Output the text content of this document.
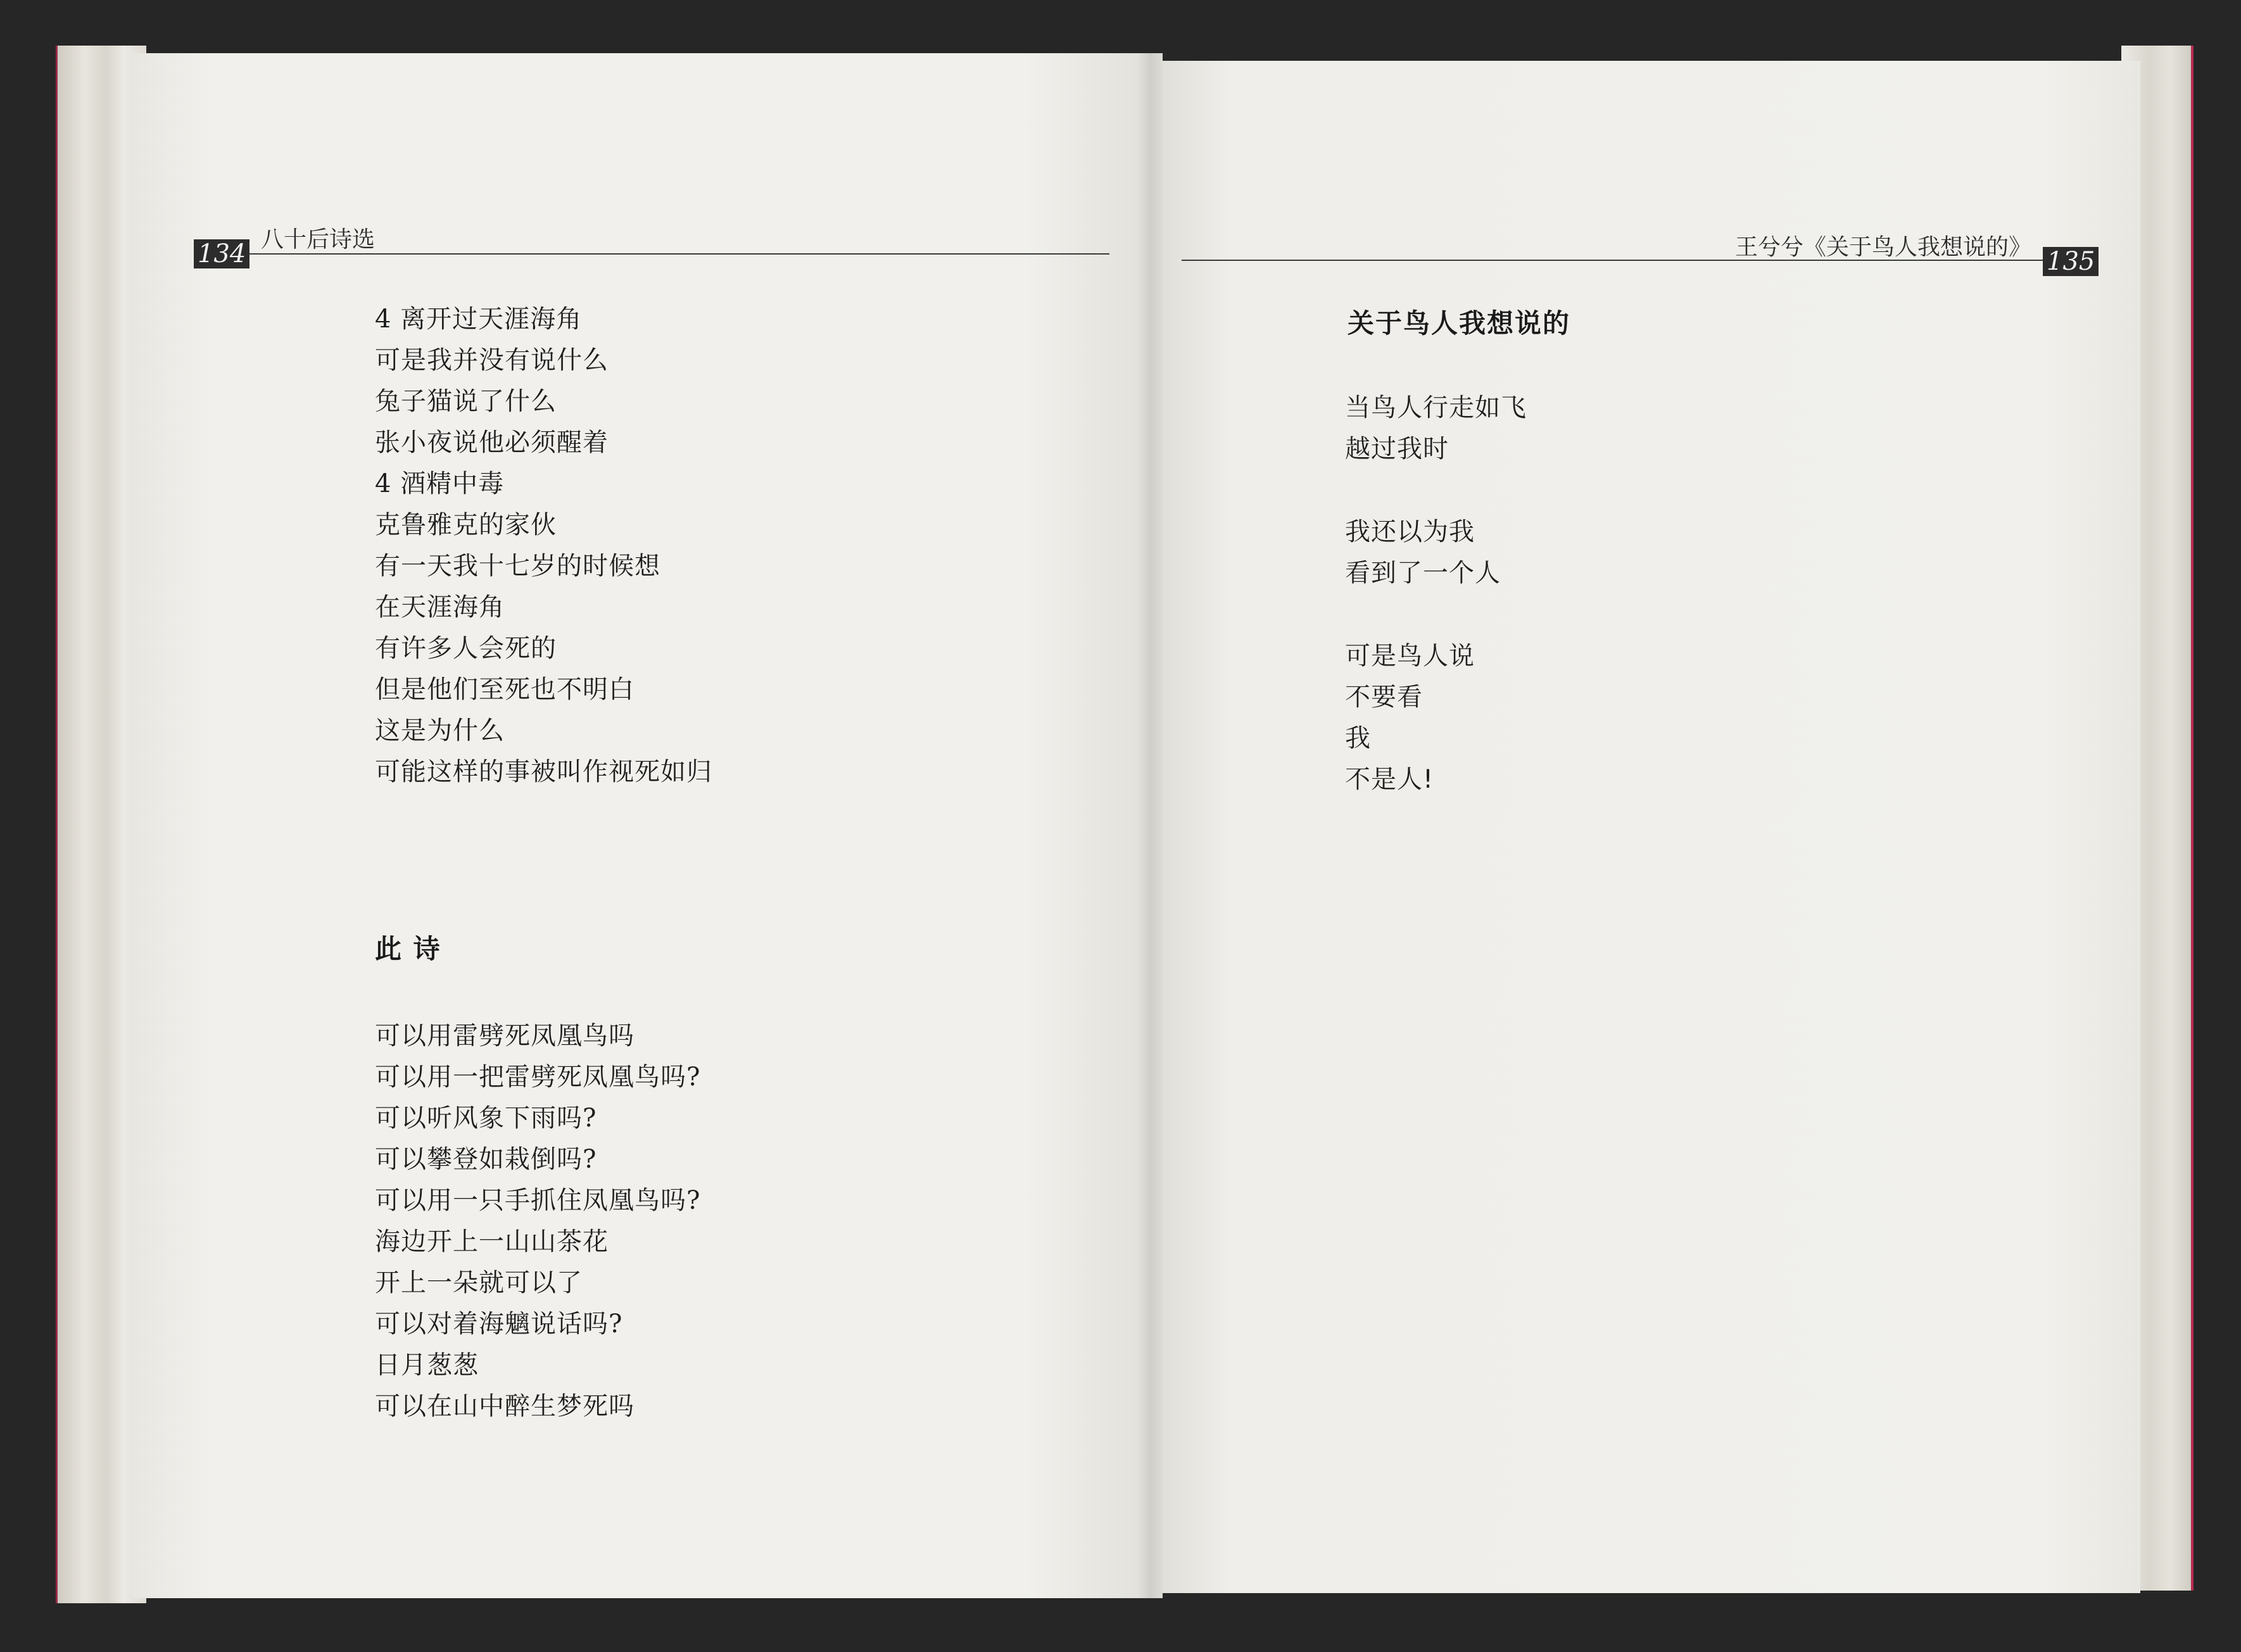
134 八十后诗选
4 离开过天涯海角
可是我并没有说什么
兔子猫说了什么
张小夜说他必须醒着
4 酒精中毒
克鲁雅克的家伙
有一天我十七岁的时候想
在天涯海角
有许多人会死的
但是他们至死也不明白
这是为什么
可能这样的事被叫作视死如归
此 诗
可以用雷劈死凤凰鸟吗
可以用一把雷劈死凤凰鸟吗?
可以听风象下雨吗?
可以攀登如栽倒吗?
可以用一只手抓住凤凰鸟吗?
海边开上一山山茶花
开上一朵就可以了
可以对着海魑说话吗?
日月葱葱
可以在山中醉生梦死吗
王兮兮《关于鸟人我想说的》 135
关于鸟人我想说的
当鸟人行走如飞
越过我时
我还以为我
看到了一个人
可是鸟人说
不要看
我
不是人!
